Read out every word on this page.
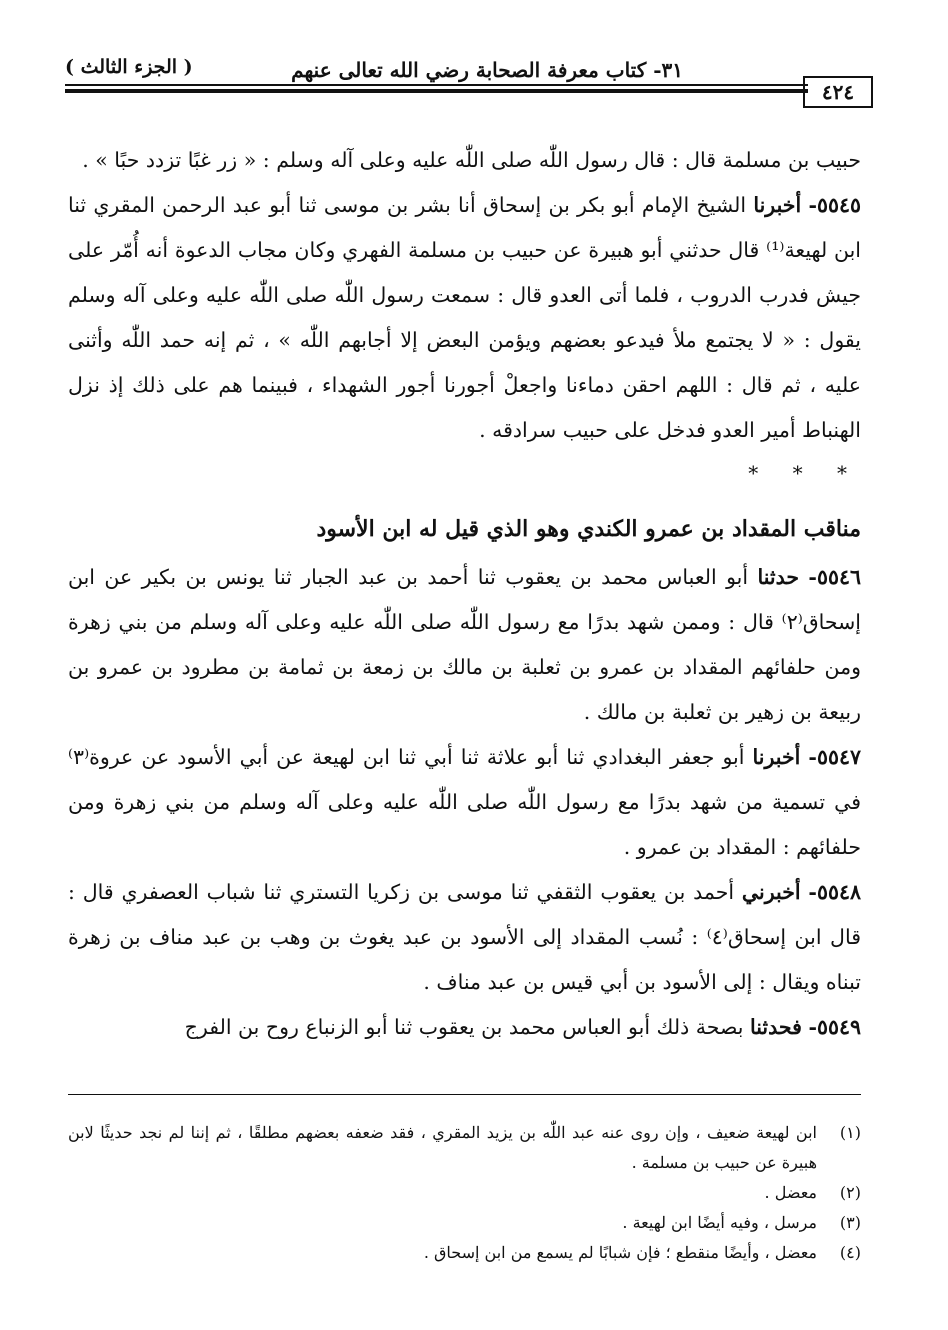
٣١- كتاب معرفة الصحابة رضي الله تعالى عنهم
( الجزء الثالث )
٤٢٤

حبيب بن مسلمة قال : قال رسول اللّٰه صلى اللّٰه عليه وعلى آله وسلم : « زر غبًا تزدد حبًا » .

٥٥٤٥- أخبرنا الشيخ الإمام أبو بكر بن إسحاق أنا بشر بن موسى ثنا أبو عبد الرحمن المقري ثنا ابن لهيعة⁽¹⁾ قال حدثني أبو هبيرة عن حبيب بن مسلمة الفهري وكان مجاب الدعوة أنه أُمّر على جيش فدرب الدروب ، فلما أتى العدو قال : سمعت رسول اللّٰه صلى اللّٰه عليه وعلى آله وسلم يقول : « لا يجتمع ملأ فيدعو بعضهم ويؤمن البعض إلا أجابهم اللّٰه » ، ثم إنه حمد اللّٰه وأثنى عليه ، ثم قال : اللهم احقن دماءنا واجعلْ أجورنا أجور الشهداء ، فبينما هم على ذلك إذ نزل الهنباط أمير العدو فدخل على حبيب سرادقه .

* * *
مناقب المقداد بن عمرو الكندي وهو الذي قيل له ابن الأسود

٥٥٤٦- حدثنا أبو العباس محمد بن يعقوب ثنا أحمد بن عبد الجبار ثنا يونس بن بكير عن ابن إسحاق⁽٢⁾ قال : وممن شهد بدرًا مع رسول اللّٰه صلى اللّٰه عليه وعلى آله وسلم من بني زهرة ومن حلفائهم المقداد بن عمرو بن ثعلبة بن مالك بن زمعة بن ثمامة بن مطرود بن عمرو بن ربيعة بن زهير بن ثعلبة بن مالك .

٥٥٤٧- أخبرنا أبو جعفر البغدادي ثنا أبو علاثة ثنا أبي ثنا ابن لهيعة عن أبي الأسود عن عروة⁽٣⁾ في تسمية من شهد بدرًا مع رسول اللّٰه صلى اللّٰه عليه وعلى آله وسلم من بني زهرة ومن حلفائهم : المقداد بن عمرو .

٥٥٤٨- أخبرني أحمد بن يعقوب الثقفي ثنا موسى بن زكريا التستري ثنا شباب العصفري قال : قال ابن إسحاق⁽٤⁾ : نُسب المقداد إلى الأسود بن عبد يغوث بن وهب بن عبد مناف بن زهرة تبناه ويقال : إلى الأسود بن أبي قيس بن عبد مناف .

٥٥٤٩- فحدثنا بصحة ذلك أبو العباس محمد بن يعقوب ثنا أبو الزنباع روح بن الفرج

(١)
ابن لهيعة ضعيف ، وإن روى عنه عبد اللّٰه بن يزيد المقري ، فقد ضعفه بعضهم مطلقًا ، ثم إننا لم نجد حديثًا لابن هبيرة عن حبيب بن مسلمة .
(٢)
معضل .
(٣)
مرسل ، وفيه أيضًا ابن لهيعة .
(٤)
معضل ، وأيضًا منقطع ؛ فإن شبابًا لم يسمع من ابن إسحاق .
